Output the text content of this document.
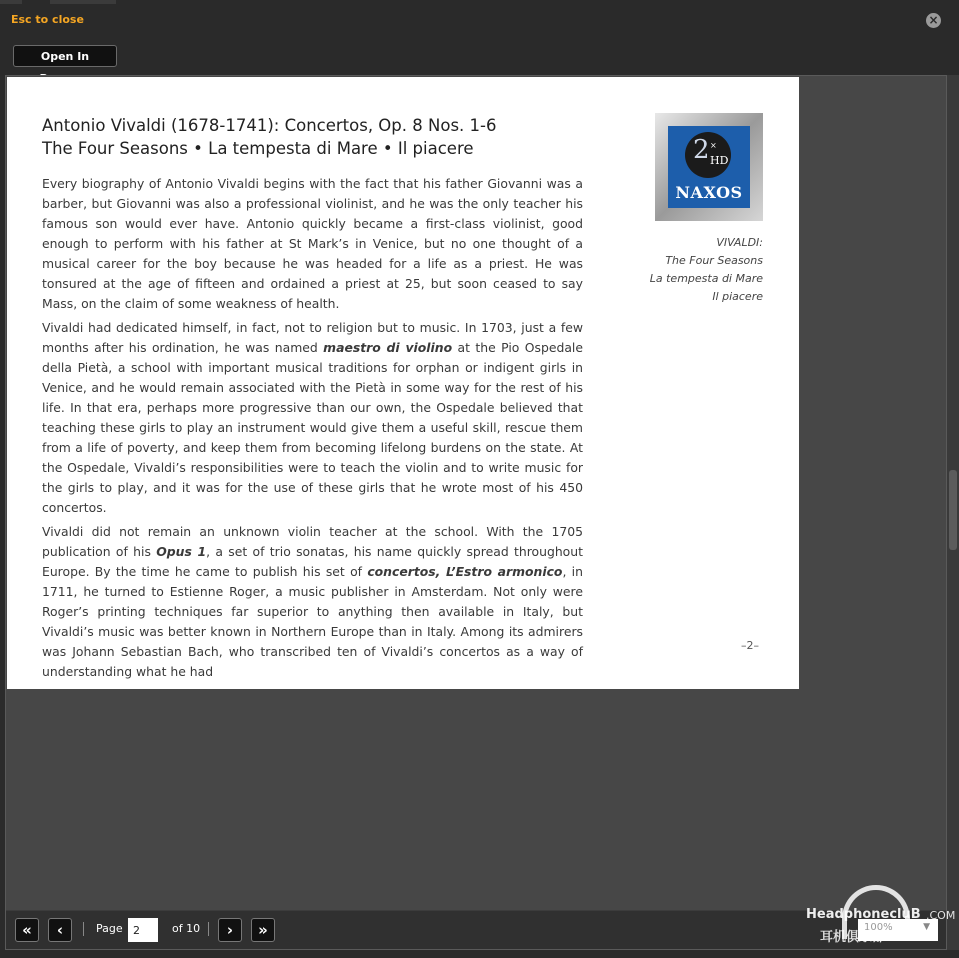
Esc to close	×
Open In
Antonio Vivaldi (1678-1741): Concertos, Op. 8 Nos. 1-6
The Four Seasons • La tempesta di Mare • Il piacere

Every biography of Antonio Vivaldi begins with the fact that his father Giovanni was a barber, but Giovanni was also a professional violinist, and he was the only teacher his famous son would ever have. Antonio quickly became a first-class violinist, good enough to perform with his father at St Mark’s in Venice, but no one thought of a musical career for the boy because he was headed for a life as a priest. He was tonsured at the age of fifteen and ordained a priest at 25, but soon ceased to say Mass, on the claim of some weakness of health.

Vivaldi had dedicated himself, in fact, not to religion but to music. In 1703, just a few months after his ordination, he was named maestro di violino at the Pio Ospedale della Pietà, a school with important musical traditions for orphan or indigent girls in Venice, and he would remain associated with the Pietà in some way for the rest of his life. In that era, perhaps more progressive than our own, the Ospedale believed that teaching these girls to play an instrument would give them a useful skill, rescue them from a life of poverty, and keep them from becoming lifelong burdens on the state. At the Ospedale, Vivaldi’s responsibilities were to teach the violin and to write music for the girls to play, and it was for the use of these girls that he wrote most of his 450 concertos.

Vivaldi did not remain an unknown violin teacher at the school. With the 1705 publication of his Opus 1, a set of trio sonatas, his name quickly spread throughout Europe. By the time he came to publish his set of concertos, L’Estro armonico, in 1711, he turned to Estienne Roger, a music publisher in Amsterdam. Not only were Roger’s printing techniques far superior to anything then available in Italy, but Vivaldi’s music was better known in Northern Europe than in Italy. Among its admirers was Johann Sebastian Bach, who transcribed ten of Vivaldi’s concertos as a way of understanding what he had

2 ×
HD
NAXOS
VIVALDI:
The Four Seasons
La tempesta di Mare
Il piacere
–2–
«	‹	Page
2	of 10	›	»	100%	▼
HeadphonecluB .COM
耳机俱乐部
